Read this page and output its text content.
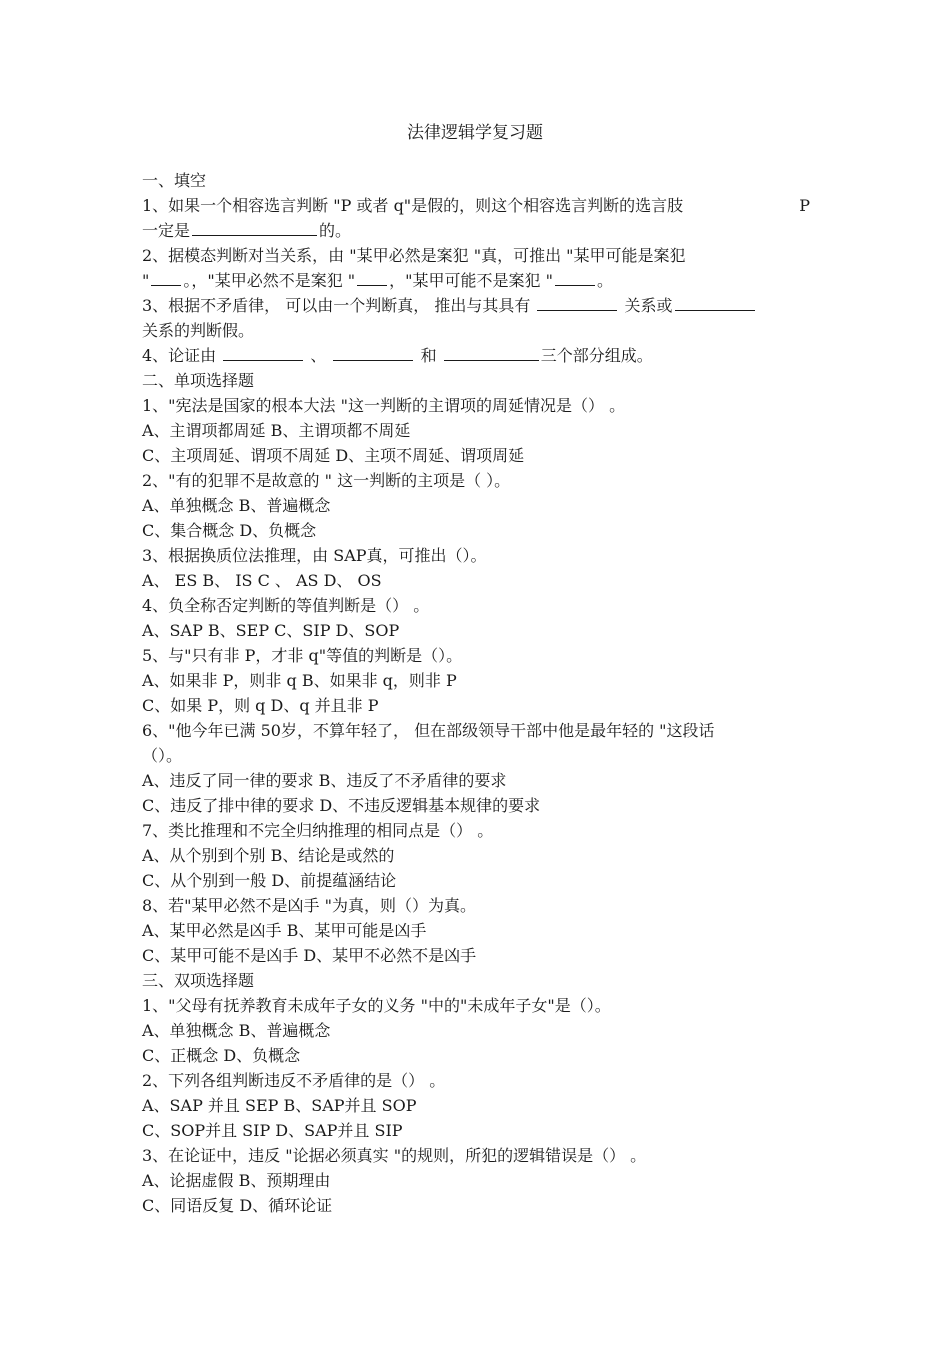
法律逻辑学复习题
一、填空
1、如果一个相容选言判断 "P 或者 q"是假的，则这个相容选言判断的选言肢	P
一定是	的。
2、据模态判断对当关系，由 "某甲必然是案犯 "真，可推出 "某甲可能是案犯
" 。，"某甲必然不是案犯 " ，"某甲可能不是案犯 "	。
3、根据不矛盾律， 可以由一个判断真， 推出与其具有	关系或
关系的判断假。
4、论证由	、	和	三个部分组成。
二、单项选择题
1、"宪法是国家的根本大法 "这一判断的主谓项的周延情况是（） 。
A、主谓项都周延 B、主谓项都不周延
C、主项周延、谓项不周延 D、主项不周延、谓项周延
2、"有的犯罪不是故意的 " 这一判断的主项是（ ）。
A、单独概念 B、普遍概念
C、集合概念 D、负概念
3、根据换质位法推理，由 SAP真，可推出（）。
A、 ES B、 IS C 、 AS D、 OS
4、负全称否定判断的等值判断是（） 。
A、SAP B、SEP C、SIP D、SOP
5、与"只有非 P，才非 q"等值的判断是（）。
A、如果非 P，则非 q B、如果非 q，则非 P
C、如果 P，则 q D、q 并且非 P
6、"他今年已满 50岁，不算年轻了， 但在部级领导干部中他是最年轻的 "这段话
（）。
A、违反了同一律的要求 B、违反了不矛盾律的要求
C、违反了排中律的要求 D、不违反逻辑基本规律的要求
7、类比推理和不完全归纳推理的相同点是（） 。
A、从个别到个别 B、结论是或然的
C、从个别到一般 D、前提蕴涵结论
8、若"某甲必然不是凶手 "为真，则（）为真。
A、某甲必然是凶手 B、某甲可能是凶手
C、某甲可能不是凶手 D、某甲不必然不是凶手
三、双项选择题
1、"父母有抚养教育未成年子女的义务 "中的"未成年子女"是（）。
A、单独概念 B、普遍概念
C、正概念 D、负概念
2、下列各组判断违反不矛盾律的是（） 。
A、SAP 并且 SEP B、SAP并且 SOP
C、SOP并且 SIP D、SAP并且 SIP
3、在论证中，违反 "论据必须真实 "的规则，所犯的逻辑错误是（） 。
A、论据虚假 B、预期理由
C、同语反复 D、循环论证
